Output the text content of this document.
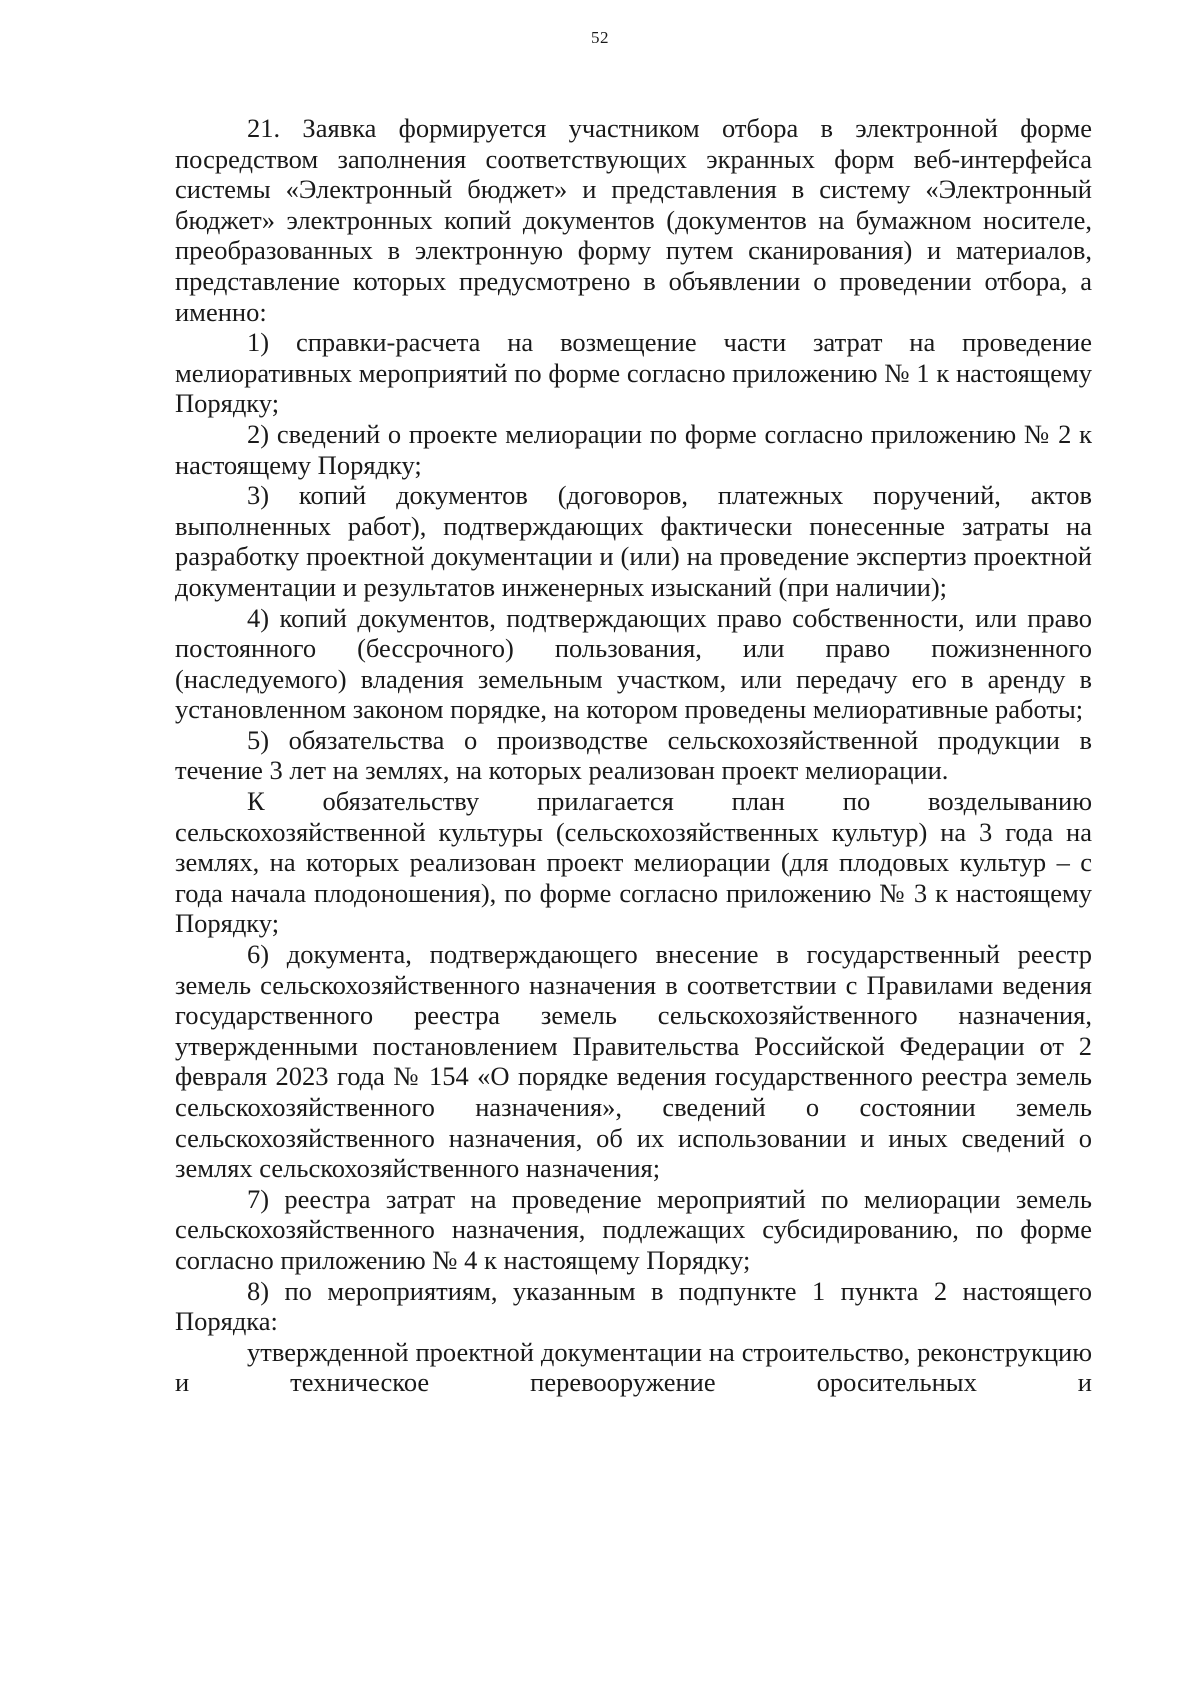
52

21. Заявка формируется участником отбора в электронной форме посредством заполнения соответствующих экранных форм веб-интерфейса системы «Электронный бюджет» и представления в систему «Электронный бюджет» электронных копий документов (документов на бумажном носителе, преобразованных в электронную форму путем сканирования) и материалов, представление которых предусмотрено в объявлении о проведении отбора, а именно:

1) справки-расчета на возмещение части затрат на проведение мелиоративных мероприятий по форме согласно приложению № 1 к настоящему Порядку;

2) сведений о проекте мелиорации по форме согласно приложению № 2 к настоящему Порядку;

3) копий документов (договоров, платежных поручений, актов выполненных работ), подтверждающих фактически понесенные затраты на разработку проектной документации и (или) на проведение экспертиз проектной документации и результатов инженерных изысканий (при наличии);

4) копий документов, подтверждающих право собственности, или право постоянного (бессрочного) пользования, или право пожизненного (наследуемого) владения земельным участком, или передачу его в аренду в установленном законом порядке, на котором проведены мелиоративные работы;

5) обязательства о производстве сельскохозяйственной продукции в течение 3 лет на землях, на которых реализован проект мелиорации.

К обязательству прилагается план по возделыванию сельскохозяйственной культуры (сельскохозяйственных культур) на 3 года на землях, на которых реализован проект мелиорации (для плодовых культур – с года начала плодоношения), по форме согласно приложению № 3 к настоящему Порядку;

6) документа, подтверждающего внесение в государственный реестр земель сельскохозяйственного назначения в соответствии с Правилами ведения государственного реестра земель сельскохозяйственного назначения, утвержденными постановлением Правительства Российской Федерации от 2 февраля 2023 года № 154 «О порядке ведения государственного реестра земель сельскохозяйственного назначения», сведений о состоянии земель сельскохозяйственного назначения, об их использовании и иных сведений о землях сельскохозяйственного назначения;

7) реестра затрат на проведение мероприятий по мелиорации земель сельскохозяйственного назначения, подлежащих субсидированию, по форме согласно приложению № 4 к настоящему Порядку;

8) по мероприятиям, указанным в подпункте 1 пункта 2 настоящего Порядка:

утвержденной проектной документации на строительство, реконструкцию и техническое перевооружение оросительных и
